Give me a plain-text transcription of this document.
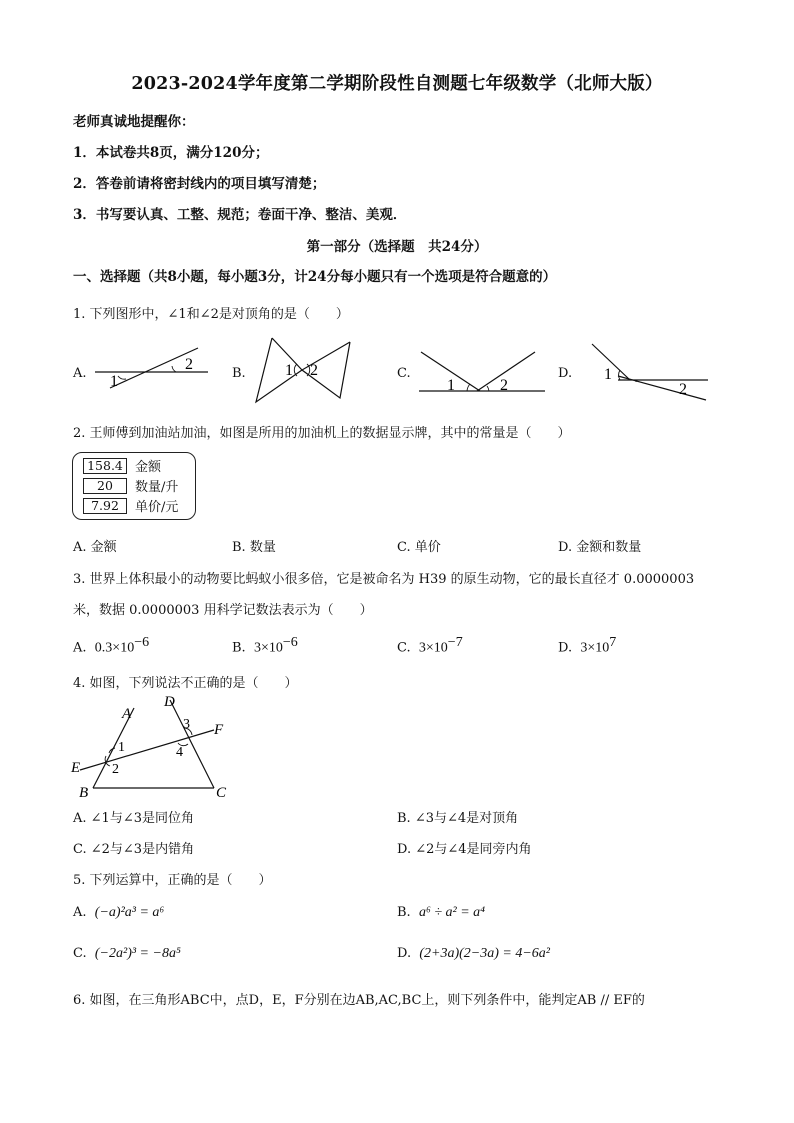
2023-2024学年度第二学期阶段性自测题七年级数学（北师大版）
老师真诚地提醒你：
1．本试卷共8页，满分120分；
2．答卷前请将密封线内的项目填写清楚；
3．书写要认真、工整、规范；卷面干净、整洁、美观．
第一部分（选择题　共24分）
一、选择题（共8小题，每小题3分，计24分每小题只有一个选项是符合题意的）
1. 下列图形中，∠1和∠2是对顶角的是（　　）
A. 1
2
B. 1 2	C.
1	2
D. 1
2
2. 王师傅到加油站加油，如图是所用的加油机上的数据显示牌，其中的常量是（　　）
158.4 金额
20	数量/升
7.92	单价/元
A. 金额	B. 数量	C. 单价	D. 金额和数量
3. 世界上体积最小的动物要比蚂蚁小很多倍，它是被命名为 H39 的原生动物，它的最长直径才 0.0000003
米，数据 0.0000003 用科学记数法表示为（　　）
A. $0.3\times 10^{-6}$	B. $3\times 10^{-6}$	C. $3\times 10^{-7}$	D. $3\times 10^7$
4. 如图，下列说法不正确的是（　　）
A
D
F
E
B	C
1
2
3
4
A. ∠1与∠3是同位角	B. ∠3与∠4是对顶角
C. ∠2与∠3是内错角	D. ∠2与∠4是同旁内角
5. 下列运算中，正确的是（　　）
A. (−a)²a³ = a⁶	B. a⁶ ÷ a² = a⁴
C. (−2a²)³ = −8a⁵	D. (2+3a)(2−3a) = 4−6a²
6. 如图，在三角形ABC中，点D，E，F分别在边AB,AC,BC上，则下列条件中，能判定AB // EF的
